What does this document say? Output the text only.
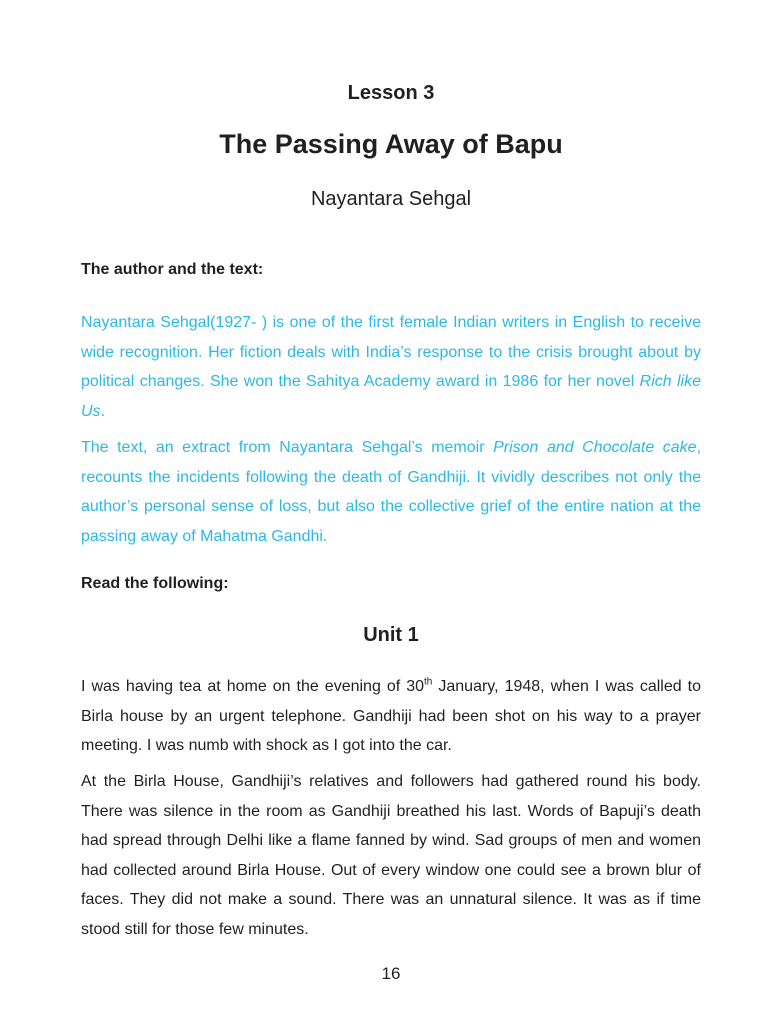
Lesson 3
The Passing Away of Bapu
Nayantara Sehgal
The author and the text:

Nayantara Sehgal(1927- ) is one of the first female Indian writers in English to receive wide recognition. Her fiction deals with India’s response to the crisis brought about by political changes. She won the Sahitya Academy award in 1986 for her novel Rich like Us.

The text, an extract from Nayantara Sehgal’s memoir Prison and Chocolate cake, recounts the incidents following the death of Gandhiji. It vividly describes not only the author’s personal sense of loss, but also the collective grief of the entire nation at the passing away of Mahatma Gandhi.

Read the following:
Unit 1

I was having tea at home on the evening of 30th January, 1948, when I was called to Birla house by an urgent telephone. Gandhiji had been shot on his way to a prayer meeting. I was numb with shock as I got into the car.

At the Birla House, Gandhiji’s relatives and followers had gathered round his body. There was silence in the room as Gandhiji breathed his last. Words of Bapuji’s death had spread through Delhi like a flame fanned by wind. Sad groups of men and women had collected around Birla House. Out of every window one could see a brown blur of faces. They did not make a sound. There was an unnatural silence. It was as if time stood still for those few minutes.

16
